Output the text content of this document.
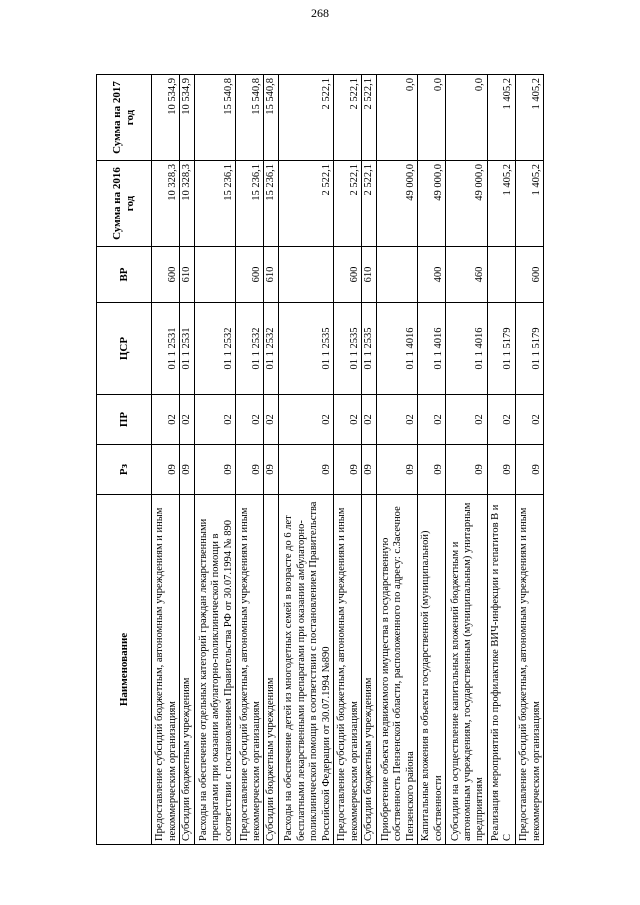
268
Наименование	Рз	ПР	ЦСР	ВР	Сумма на 2016 год	Сумма на 2017 год
Предоставление субсидий бюджетным, автономным учреждениям и иным некоммерческим организациям	09	02	01 1 2531	600	10 328,3	10 534,9
Субсидии бюджетным учреждениям	09	02	01 1 2531	610	10 328,3	10 534,9
Расходы на обеспечение отдельных категорий граждан лекарственными препаратами при оказании амбулаторно-поликлинической помощи в соответствии с постановлением Правительства РФ от 30.07.1994 № 890	09	02	01 1 2532		15 236,1	15 540,8
Предоставление субсидий бюджетным, автономным учреждениям и иным некоммерческим организациям	09	02	01 1 2532	600	15 236,1	15 540,8
Субсидии бюджетным учреждениям	09	02	01 1 2532	610	15 236,1	15 540,8
Расходы на обеспечение детей из многодетных семей в возрасте до 6 лет бесплатными лекарственными препаратами при оказании амбулаторно-поликлинической помощи в соответствии с постановлением Правительства Российской Федерации от 30.07.1994 №890	09	02	01 1 2535		2 522,1	2 522,1
Предоставление субсидий бюджетным, автономным учреждениям и иным некоммерческим организациям	09	02	01 1 2535	600	2 522,1	2 522,1
Субсидии бюджетным учреждениям	09	02	01 1 2535	610	2 522,1	2 522,1
Приобретение объекта недвижимого имущества в государственную собственность Пензенской области, расположенного по адресу: с.Засечное Пензенского района	09	02	01 1 4016		49 000,0	0,0
Капитальные вложения в объекты государственной (муниципальной) собственности	09	02	01 1 4016	400	49 000,0	0,0
Субсидии на осуществление капитальных вложений бюджетным и автономным учреждениям, государственным (муниципальным) унитарным предприятиям	09	02	01 1 4016	460	49 000,0	0,0
Реализация мероприятий по профилактике ВИЧ-инфекции и гепатитов В и С	09	02	01 1 5179		1 405,2	1 405,2
Предоставление субсидий бюджетным, автономным учреждениям и иным некоммерческим организациям	09	02	01 1 5179	600	1 405,2	1 405,2
